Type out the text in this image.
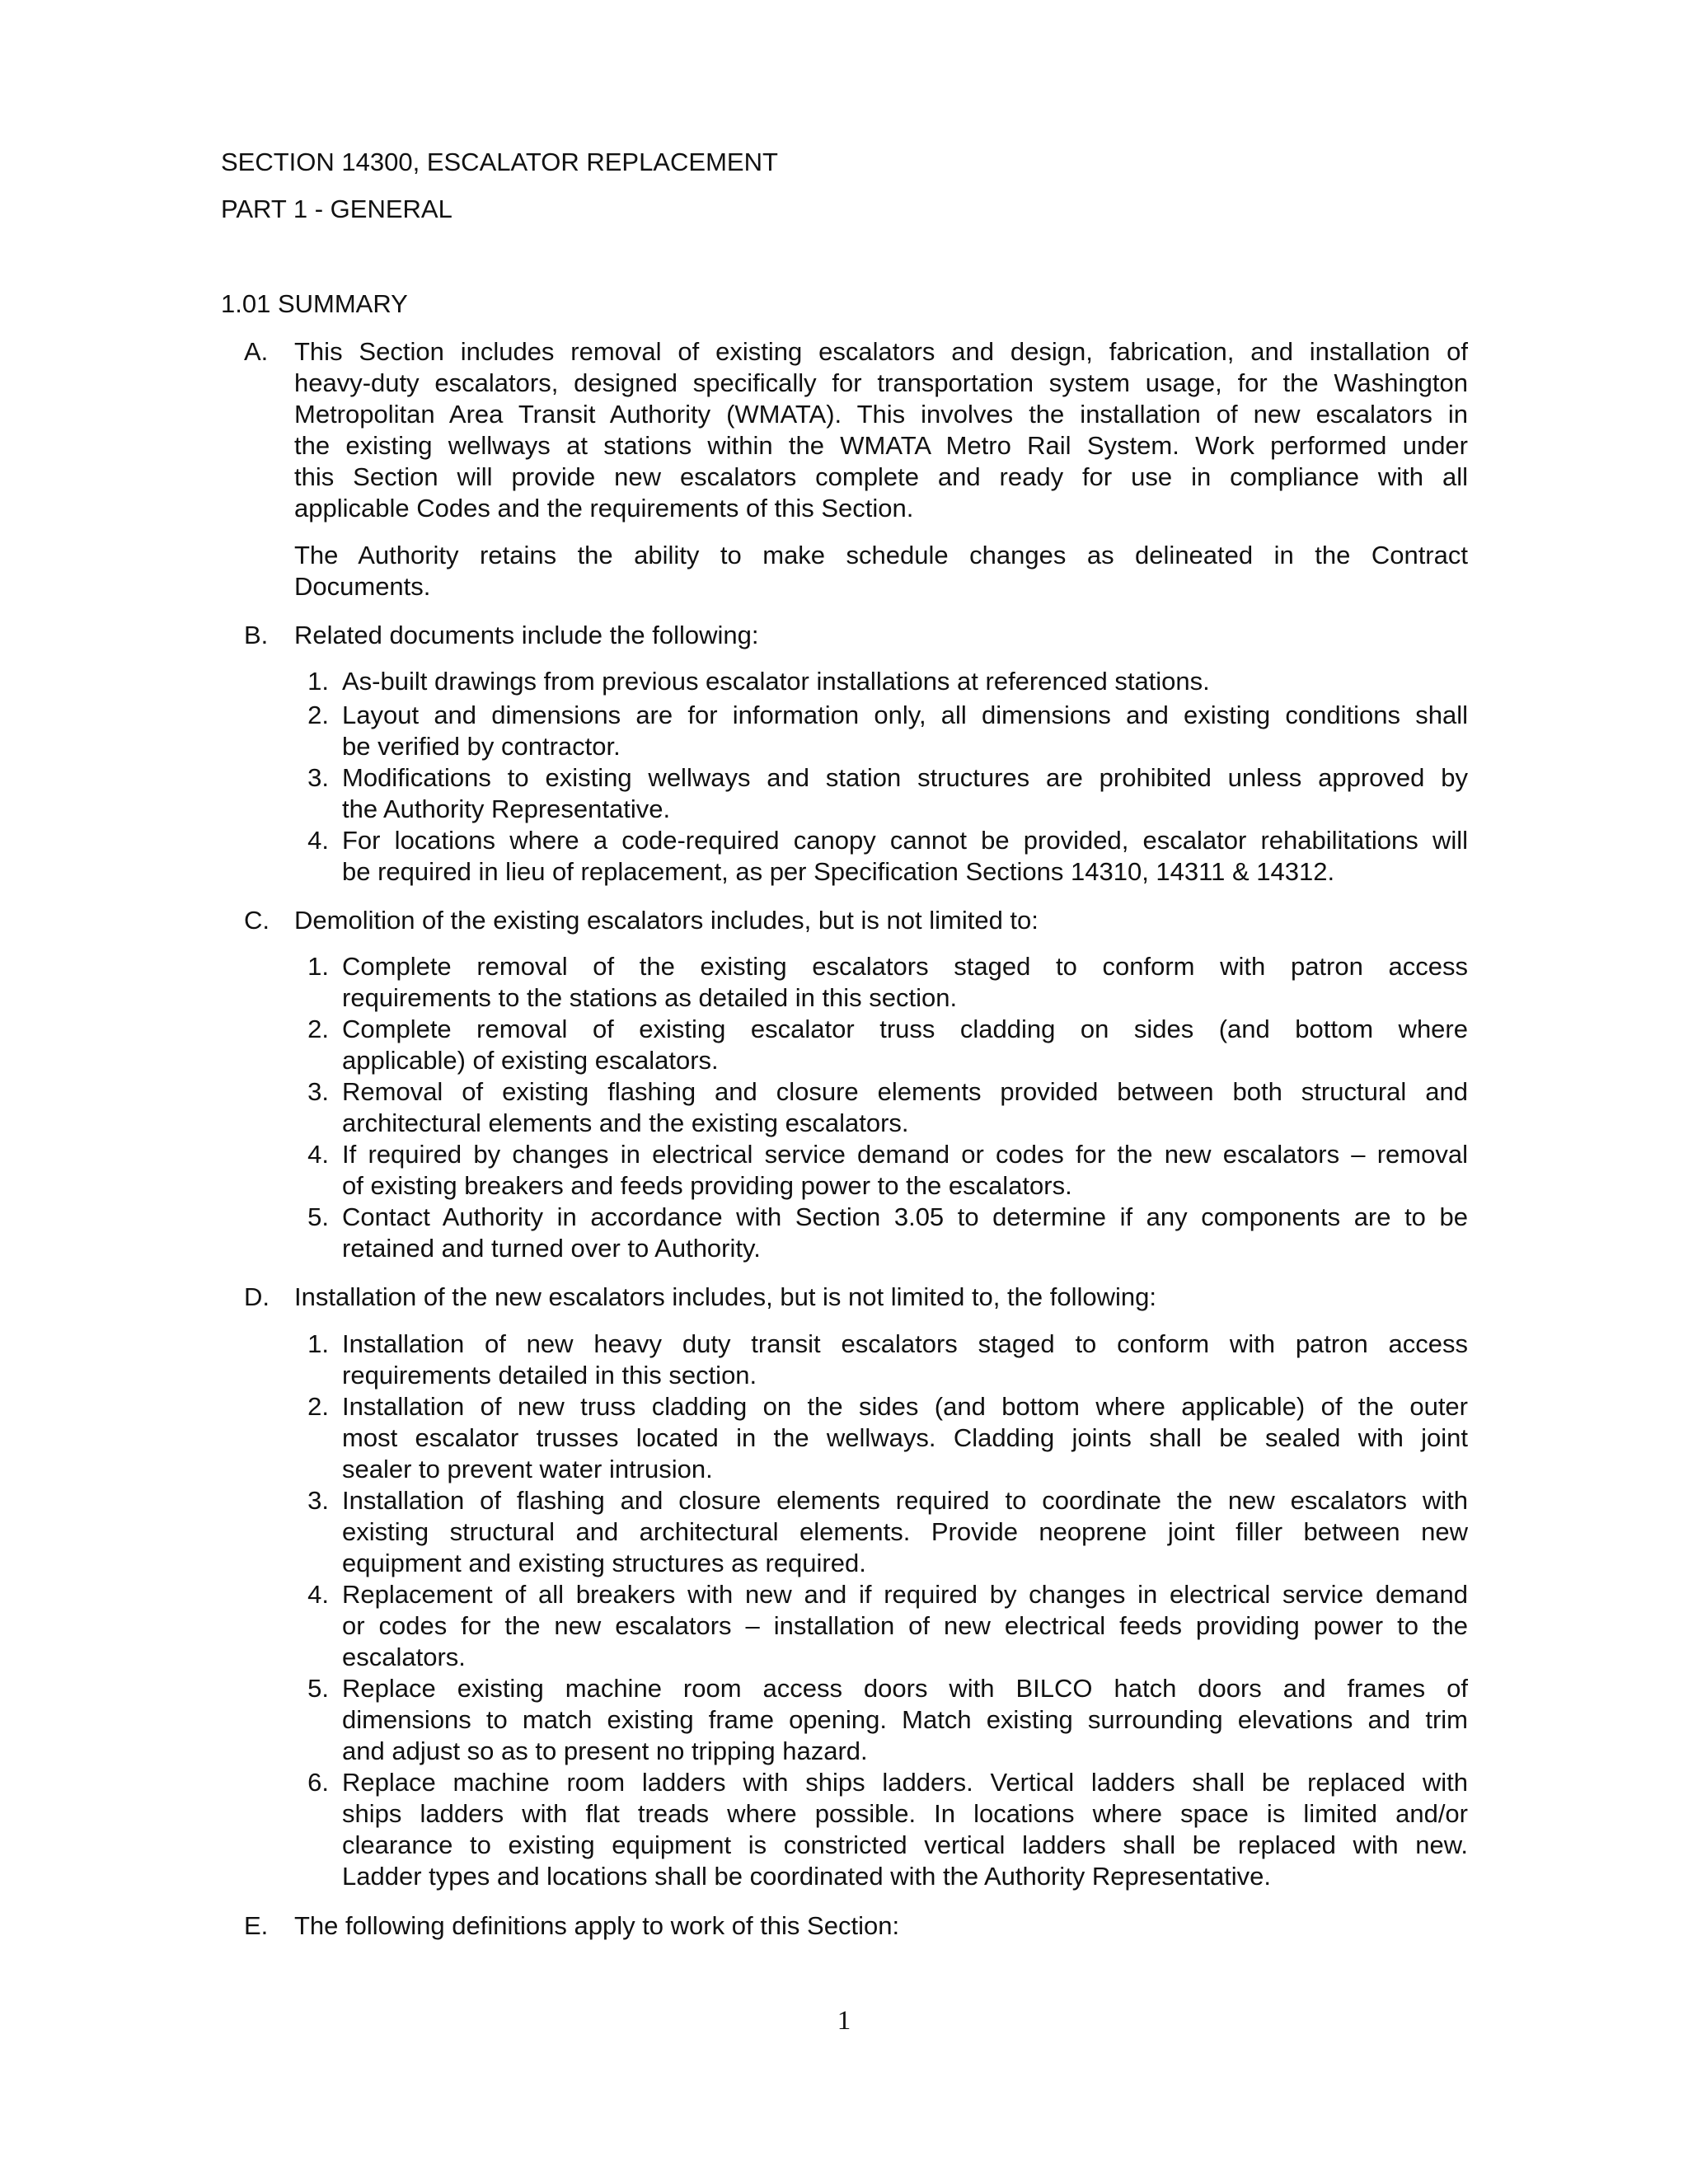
SECTION 14300, ESCALATOR REPLACEMENT
PART 1 - GENERAL
1.01 SUMMARY
A. This Section includes removal of existing escalators and design, fabrication, and installation of
heavy-duty escalators, designed specifically for transportation system usage, for the Washington
Metropolitan Area Transit Authority (WMATA). This involves the installation of new escalators in
the existing wellways at stations within the WMATA Metro Rail System. Work performed under
this Section will provide new escalators complete and ready for use in compliance with all
applicable Codes and the requirements of this Section.
The Authority retains the ability to make schedule changes as delineated in the Contract
Documents.
B. Related documents include the following:
1. As-built drawings from previous escalator installations at referenced stations.
2. Layout and dimensions are for information only, all dimensions and existing conditions shall
be verified by contractor.
3. Modifications to existing wellways and station structures are prohibited unless approved by
the Authority Representative.
4. For locations where a code-required canopy cannot be provided, escalator rehabilitations will
be required in lieu of replacement, as per Specification Sections 14310, 14311 & 14312.
C. Demolition of the existing escalators includes, but is not limited to:
1. Complete removal of the existing escalators staged to conform with patron access
requirements to the stations as detailed in this section.
2. Complete removal of existing escalator truss cladding on sides (and bottom where
applicable) of existing escalators.
3. Removal of existing flashing and closure elements provided between both structural and
architectural elements and the existing escalators.
4. If required by changes in electrical service demand or codes for the new escalators – removal
of existing breakers and feeds providing power to the escalators.
5. Contact Authority in accordance with Section 3.05 to determine if any components are to be
retained and turned over to Authority.
D. Installation of the new escalators includes, but is not limited to, the following:
1. Installation of new heavy duty transit escalators staged to conform with patron access
requirements detailed in this section.
2. Installation of new truss cladding on the sides (and bottom where applicable) of the outer
most escalator trusses located in the wellways. Cladding joints shall be sealed with joint
sealer to prevent water intrusion.
3. Installation of flashing and closure elements required to coordinate the new escalators with
existing structural and architectural elements. Provide neoprene joint filler between new
equipment and existing structures as required.
4. Replacement of all breakers with new and if required by changes in electrical service demand
or codes for the new escalators – installation of new electrical feeds providing power to the
escalators.
5. Replace existing machine room access doors with BILCO hatch doors and frames of
dimensions to match existing frame opening. Match existing surrounding elevations and trim
and adjust so as to present no tripping hazard.
6. Replace machine room ladders with ships ladders. Vertical ladders shall be replaced with
ships ladders with flat treads where possible. In locations where space is limited and/or
clearance to existing equipment is constricted vertical ladders shall be replaced with new.
Ladder types and locations shall be coordinated with the Authority Representative.
E. The following definitions apply to work of this Section:
1
